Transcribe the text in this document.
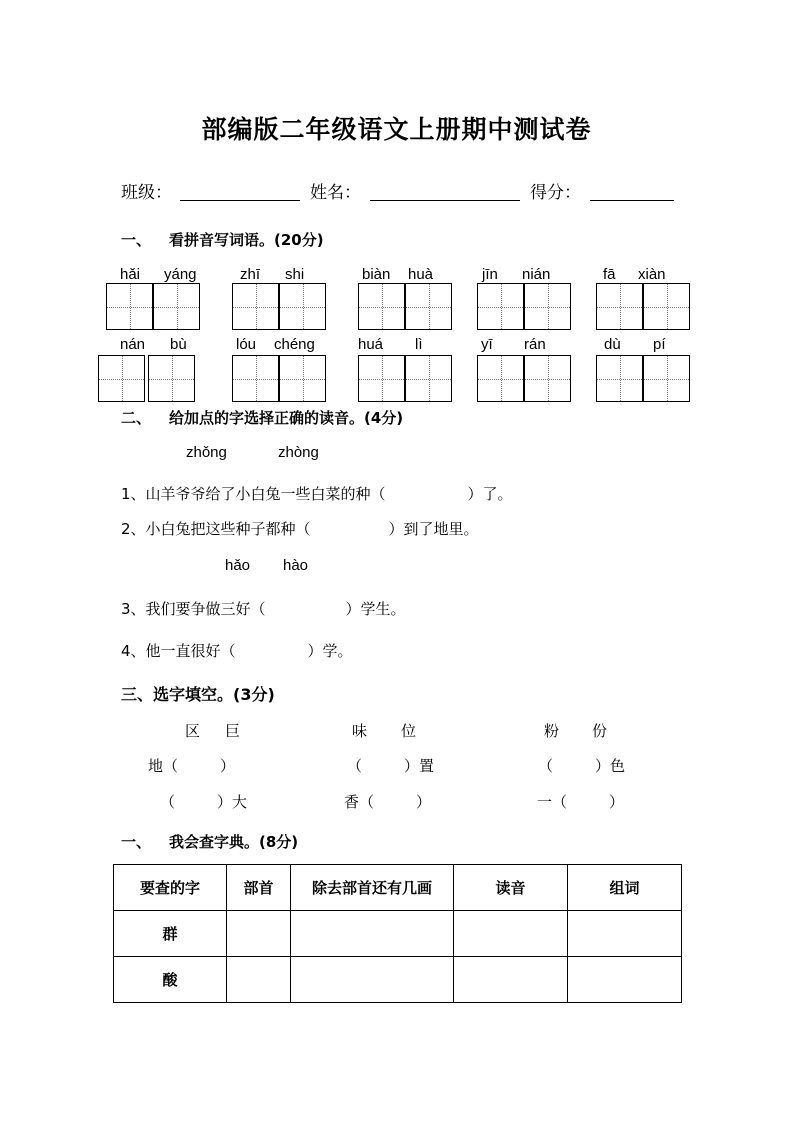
部编版二年级语文上册期中测试卷
班级：	姓名：	得分：
一、 看拼音写词语。(20分)
hǎi yáng	zhī shi	biàn huà	jīn nián	fā xiàn
nán bù	lóu chéng	huá lì	yī rán	dù pí
二、 给加点的字选择正确的读音。(4分)
zhǒng	zhòng
1、山羊爷爷给了小白兔一些白菜的种（	）了。
2、小白兔把这些种子都种（	）到了地里。
hǎo hào
3、我们要争做三好（	）学生。
4、他一直很好（	）学。
三、选字填空。(3分)
区 巨	味 位	粉 份
地（	）	（	）置	（	）色
（	）大	香（	）	一（	）
一、 我会查字典。(8分)
要查的字	部首	除去部首还有几画	读音	组词
群				
酸				
